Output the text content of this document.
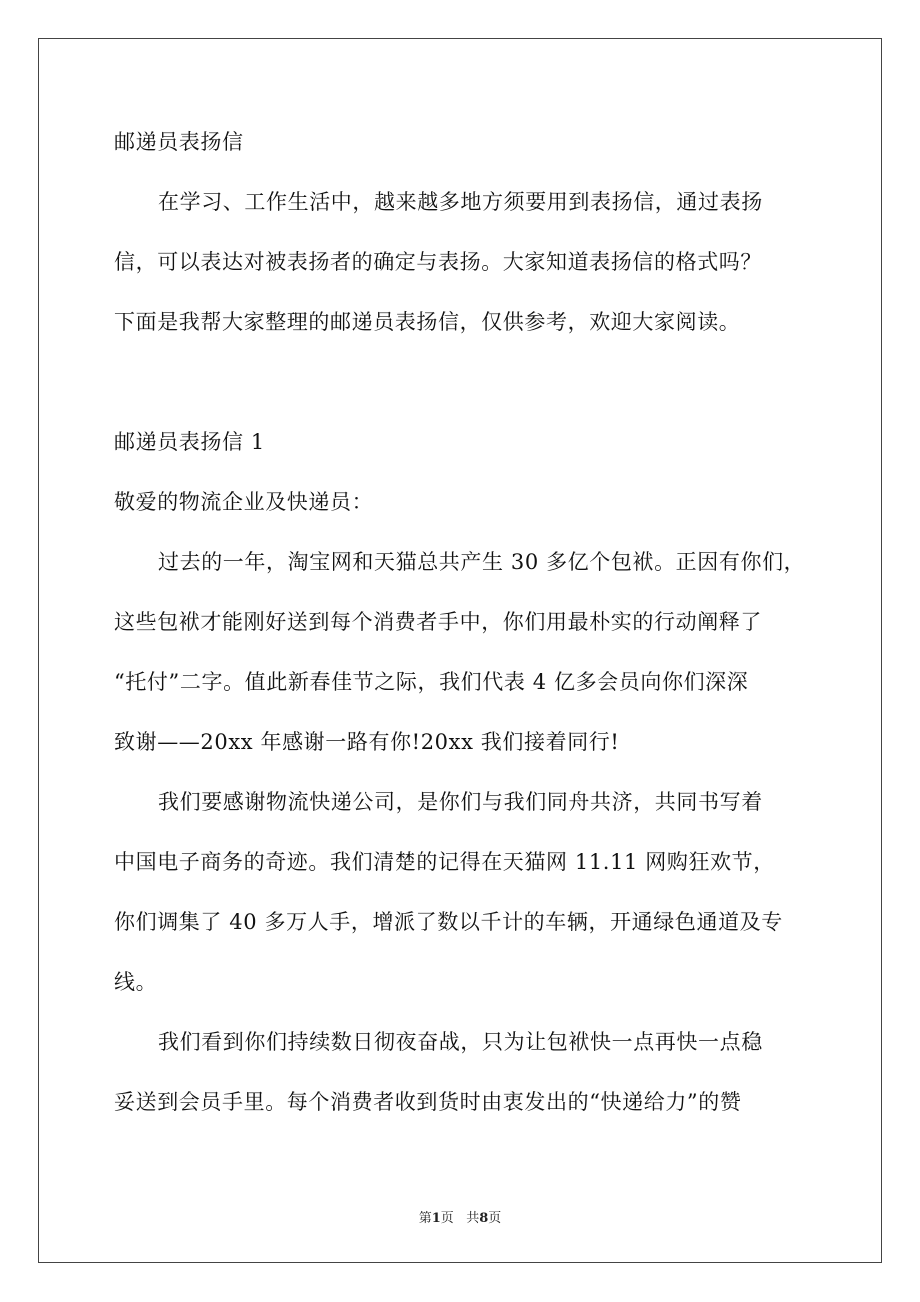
邮递员表扬信
在学习、工作生活中，越来越多地方须要用到表扬信，通过表扬
信，可以表达对被表扬者的确定与表扬。大家知道表扬信的格式吗？
下面是我帮大家整理的邮递员表扬信，仅供参考，欢迎大家阅读。
邮递员表扬信 1
敬爱的物流企业及快递员：
过去的一年，淘宝网和天猫总共产生 30 多亿个包袱。正因有你们，
这些包袱才能刚好送到每个消费者手中，你们用最朴实的行动阐释了
“托付”二字。值此新春佳节之际，我们代表 4 亿多会员向你们深深
致谢——20xx 年感谢一路有你!20xx 我们接着同行!
我们要感谢物流快递公司，是你们与我们同舟共济，共同书写着
中国电子商务的奇迹。我们清楚的记得在天猫网 11.11 网购狂欢节，
你们调集了 40 多万人手，增派了数以千计的车辆，开通绿色通道及专
线。
我们看到你们持续数日彻夜奋战，只为让包袱快一点再快一点稳
妥送到会员手里。每个消费者收到货时由衷发出的“快递给力”的赞
第1页   共8页
